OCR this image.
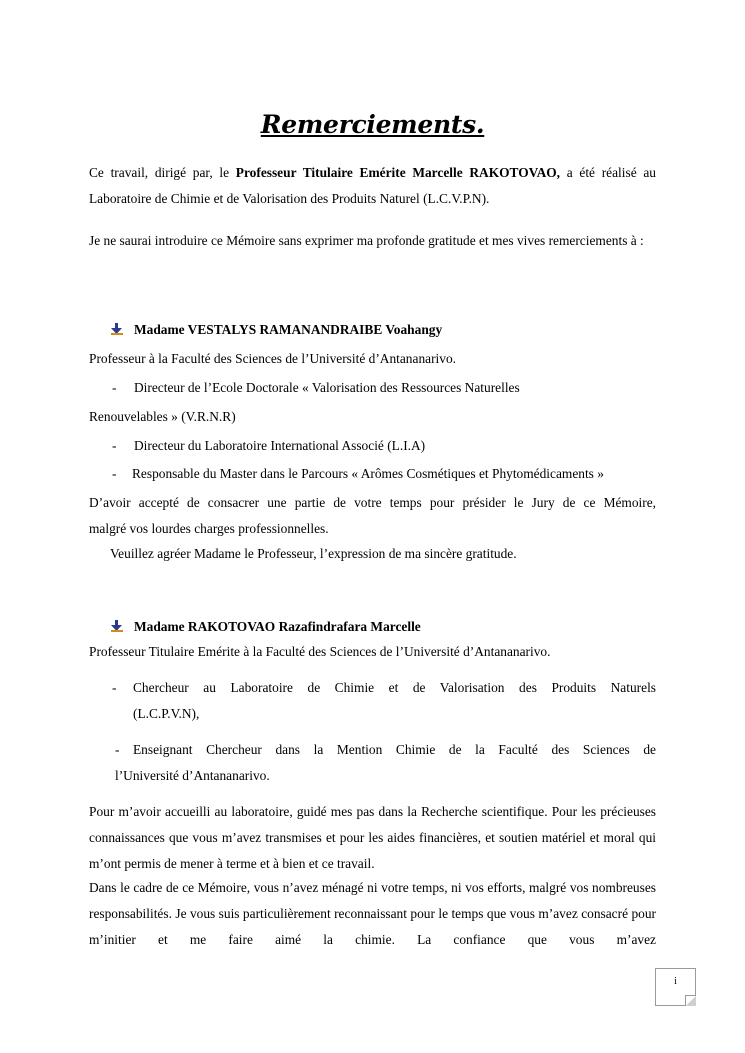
Remerciements.

Ce travail, dirigé par, le Professeur Titulaire Emérite Marcelle RAKOTOVAO, a été réalisé au Laboratoire de Chimie et de Valorisation des Produits Naturel (L.C.V.P.N).

Je ne saurai introduire ce Mémoire sans exprimer ma profonde gratitude et mes vives remerciements à :

Madame VESTALYS RAMANANDRAIBE Voahangy
Professeur à la Faculté des Sciences de l’Université d’Antananarivo.
- Directeur de l’Ecole Doctorale « Valorisation des Ressources Naturelles
Renouvelables » (V.R.N.R)
- Directeur du Laboratoire International Associé (L.I.A)
- Responsable du Master dans le Parcours « Arômes Cosmétiques et Phytomédicaments »
D’avoir accepté de consacrer une partie de votre temps pour présider le Jury de ce Mémoire,
malgré vos lourdes charges professionnelles.
Veuillez agréer Madame le Professeur, l’expression de ma sincère gratitude.
Madame RAKOTOVAO Razafindrafara Marcelle
Professeur Titulaire Emérite à la Faculté des Sciences de l’Université d’Antananarivo.
-	Chercheur au Laboratoire de Chimie et de Valorisation des Produits Naturels
(L.C.P.V.N),
-	Enseignant Chercheur dans la Mention Chimie de la Faculté des Sciences de
l’Université d’Antananarivo.

Pour m’avoir accueilli au laboratoire, guidé mes pas dans la Recherche scientifique. Pour les précieuses connaissances que vous m’avez transmises et pour les aides financières, et soutien matériel et moral qui m’ont permis de mener à terme et à bien et ce travail.

Dans le cadre de ce Mémoire, vous n’avez ménagé ni votre temps, ni vos efforts, malgré vos nombreuses responsabilités. Je vous suis particulièrement reconnaissant pour le temps que vous m’avez consacré pour m’initier et me faire aimé la chimie. La confiance que vous m’avez

i
